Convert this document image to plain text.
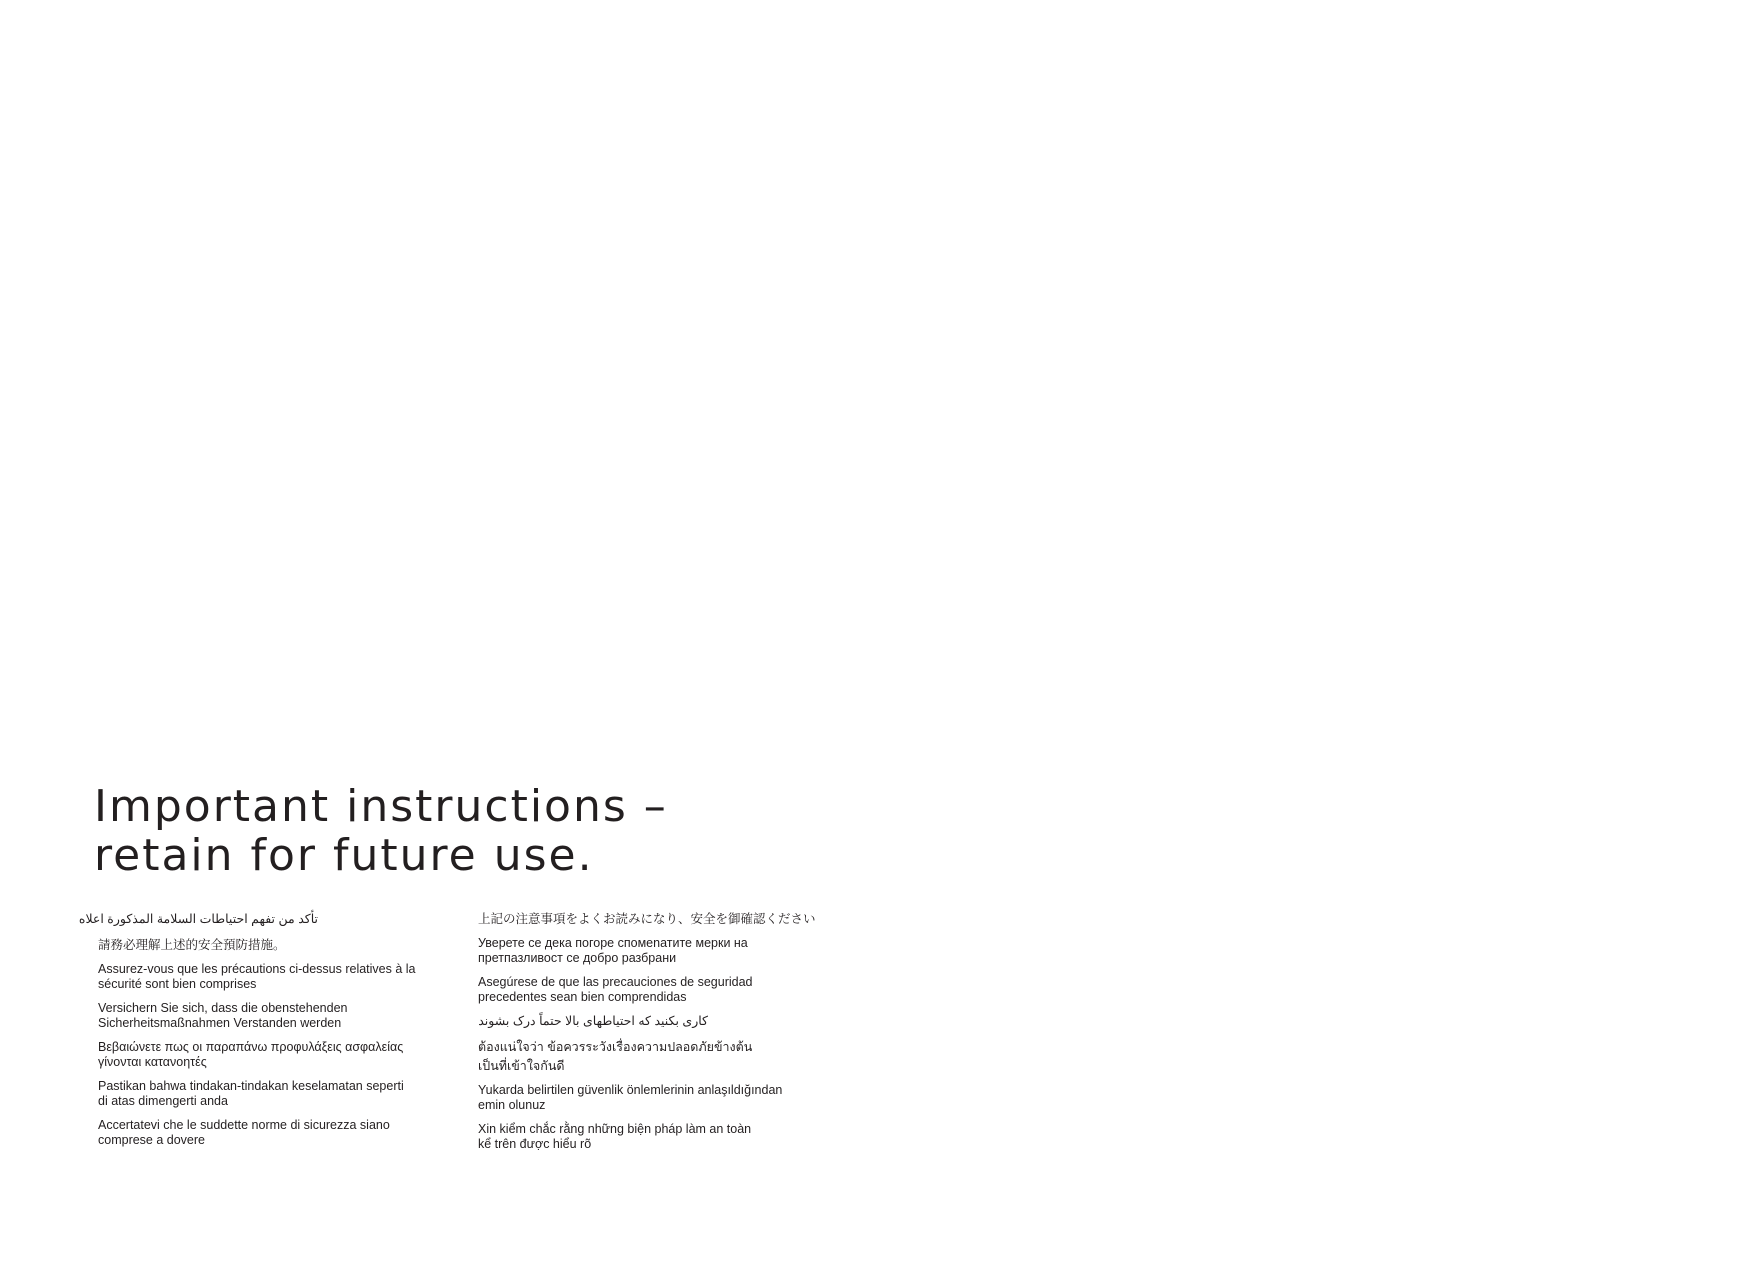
Important instructions –
retain for future use.

تأكد من تفهم احتياطات السلامة المذكورة اعلاه

請務必理解上述的安全預防措施。

Assurez-vous que les précautions ci-dessus relatives à la
sécurité sont bien comprises

Versichern Sie sich, dass die obenstehenden
Sicherheitsmaßnahmen Verstanden werden

Βεβαιώνετε πως οι παραπάνω προφυλάξεις ασφαλείας
γίνονται κατανοητές

Pastikan bahwa tindakan-tindakan keselamatan seperti
di atas dimengerti anda

Accertatevi che le suddette norme di sicurezza siano
comprese a dovere

上記の注意事項をよくお読みになり、安全を御確認ください

Уверете се дека погоре спомenатите мерки на
претпазливост се добро разбрани

Asegúrese de que las precauciones de seguridad
precedentes sean bien comprendidas

کاری بکنید که احتیاطهای بالا حتماً درک بشوند

ต้องแน่ใจว่า ข้อควรระวังเรื่องความปลอดภัยข้างต้น
เป็นที่เข้าใจกันดี

Yukarda belirtilen güvenlik önlemlerinin anlaşıldığından
emin olunuz

Xin kiểm chắc rằng những biện pháp làm an toàn
kể trên được hiểu rõ
